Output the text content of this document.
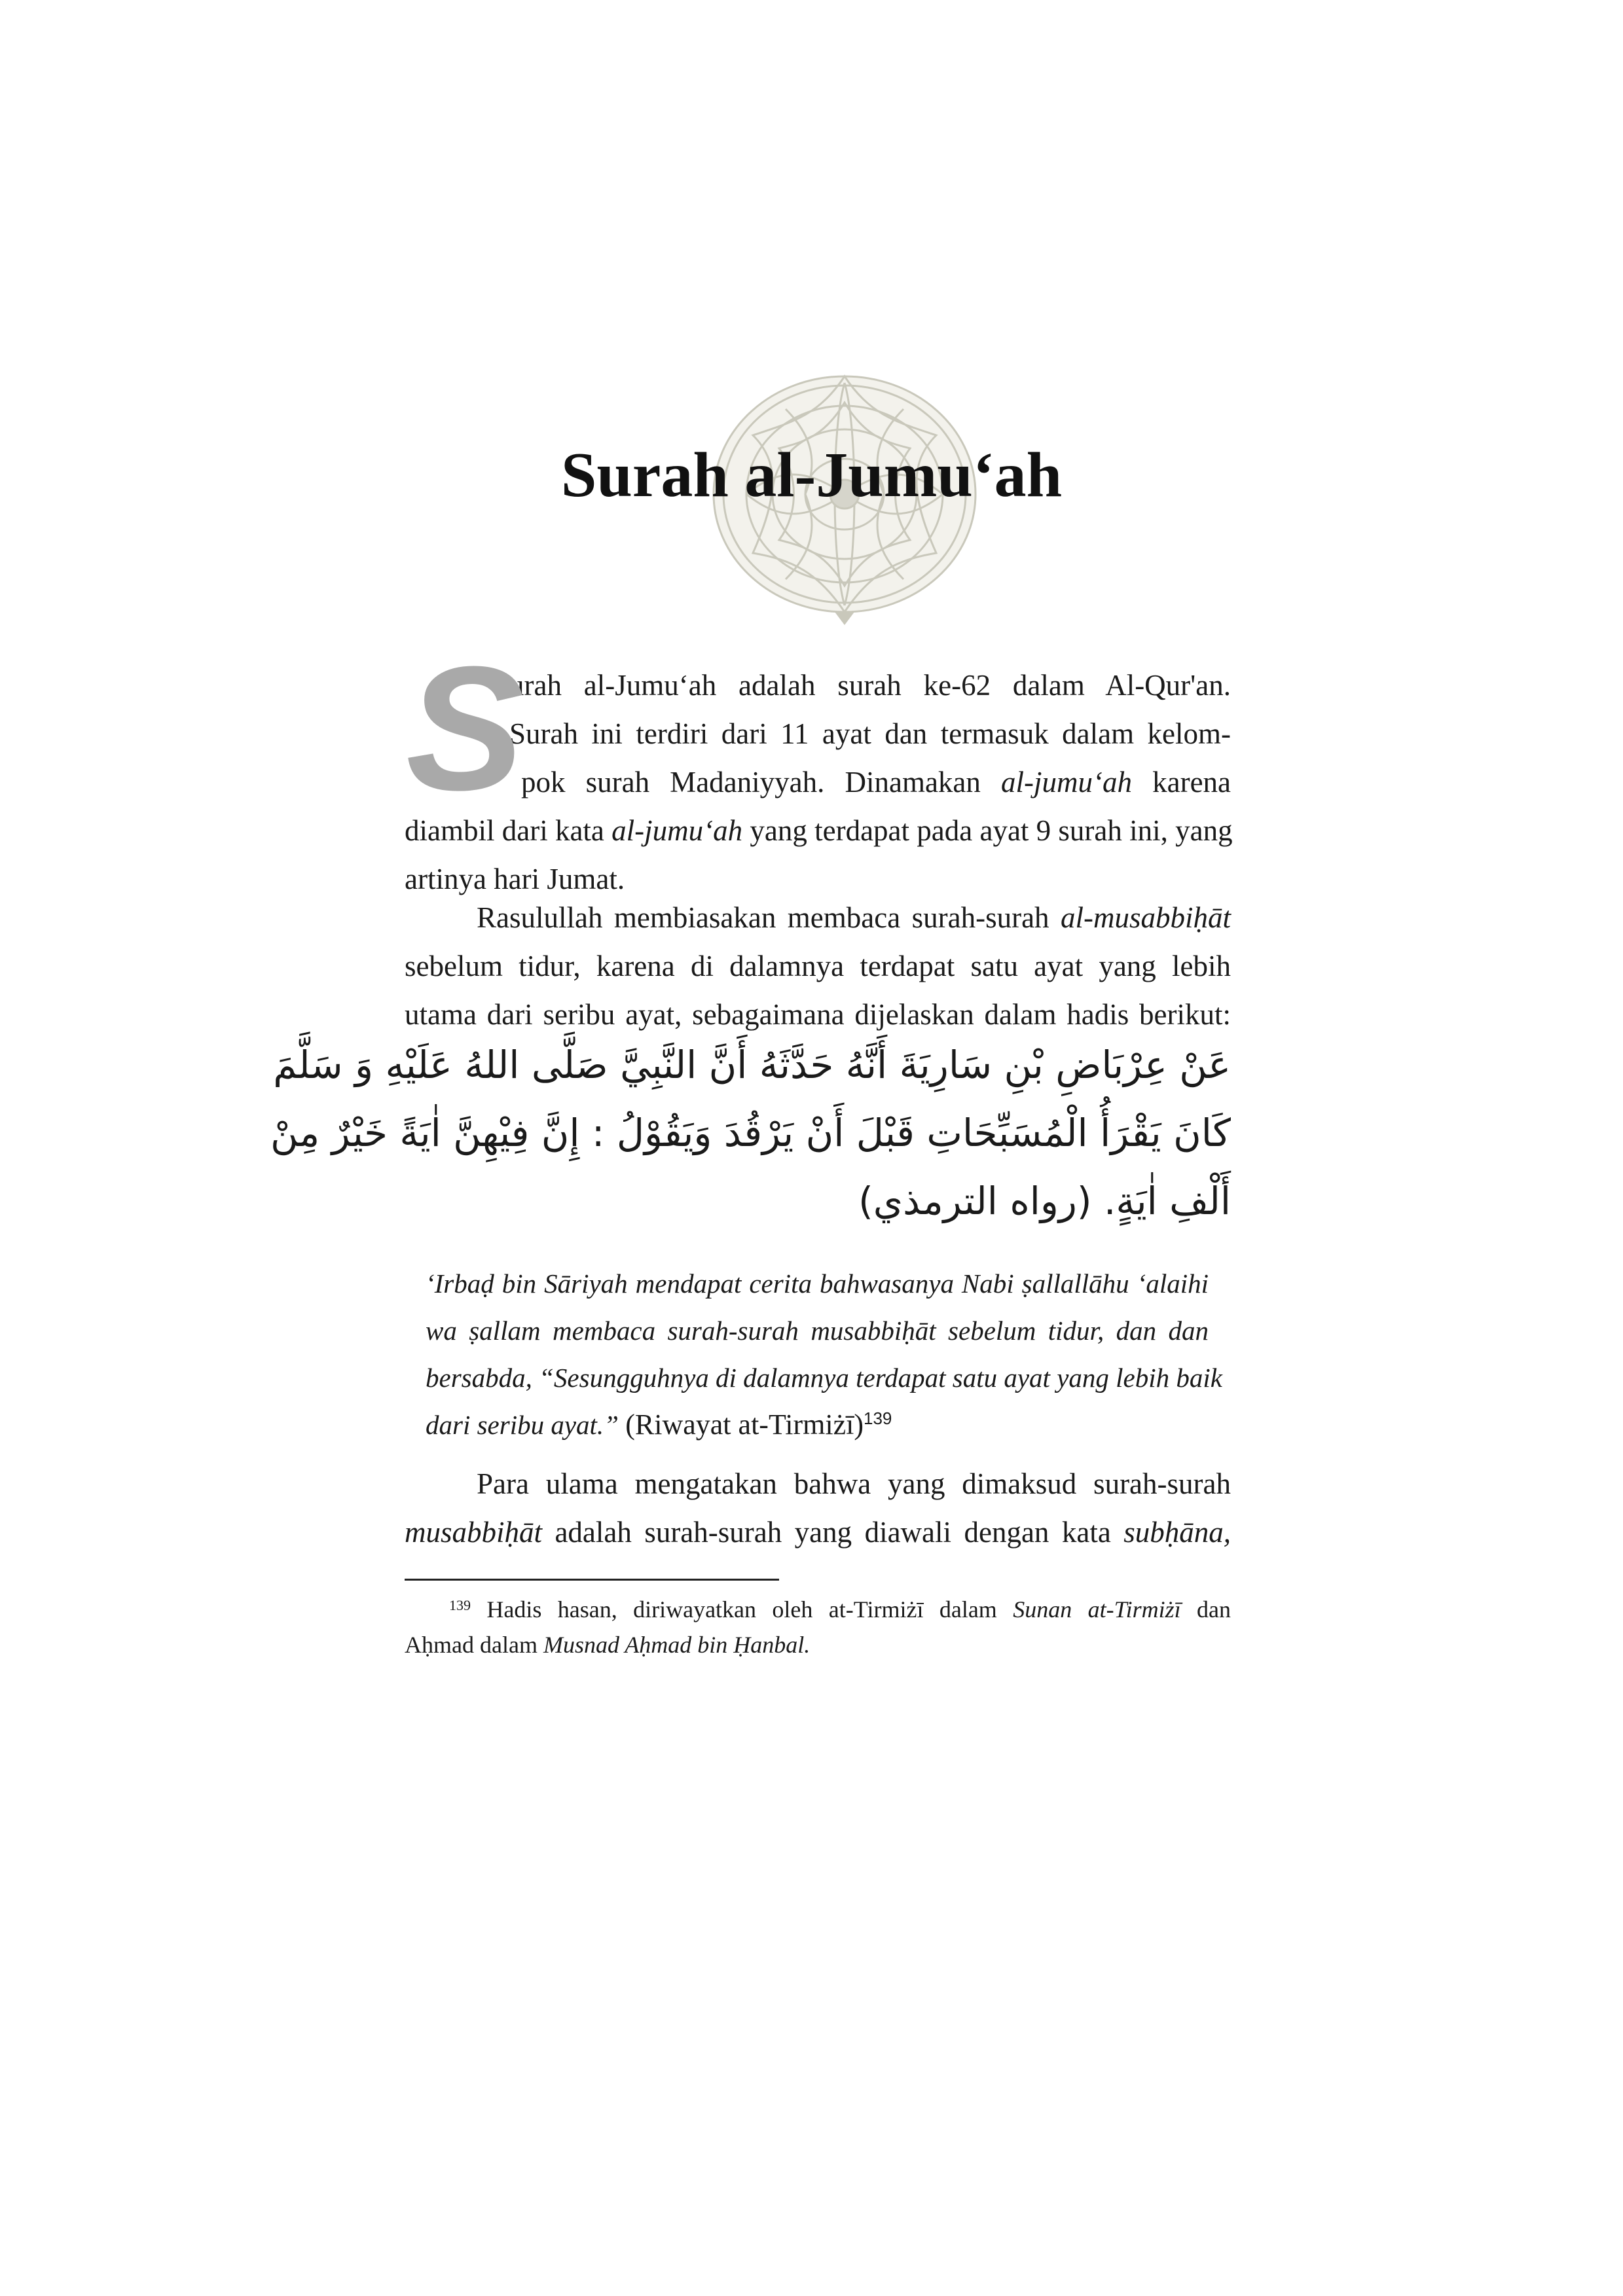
Surah al-Jumu‘ah
S
urah al-Jumu‘ah adalah surah ke-62 dalam Al-Qur'an.
Surah ini terdiri dari 11 ayat dan termasuk dalam kelom-
pok surah Madaniyyah. Dinamakan al-jumu‘ah karena
diambil dari kata al-jumu‘ah yang terdapat pada ayat 9 surah ini, yang
artinya hari Jumat.
Rasulullah membiasakan membaca surah-surah al-musabbiḥāt
sebelum tidur, karena di dalamnya terdapat satu ayat yang lebih
utama dari seribu ayat, sebagaimana dijelaskan dalam hadis berikut:
عَنْ عِرْبَاضِ بْنِ سَارِيَةَ أَنَّهُ حَدَّثَهُ أَنَّ النَّبِيَّ صَلَّى اللهُ عَلَيْهِ وَ سَلَّمَ
كَانَ يَقْرَأُ الْمُسَبِّحَاتِ قَبْلَ أَنْ يَرْقُدَ وَيَقُوْلُ : إِنَّ فِيْهِنَّ اٰيَةً خَيْرٌ مِنْ
أَلْفِ اٰيَةٍ. (رواه الترمذي)
‘Irbaḍ bin Sāriyah mendapat cerita bahwasanya Nabi ṣallallāhu ‘alaihi
wa ṣallam membaca surah-surah musabbiḥāt sebelum tidur, dan dan
bersabda, “Sesungguhnya di dalamnya terdapat satu ayat yang lebih baik
dari seribu ayat.” (Riwayat at-Tirmiżī)$^{139}$
Para ulama mengatakan bahwa yang dimaksud surah-surah
musabbiḥāt adalah surah-surah yang diawali dengan kata subḥāna,
$^{139}$ Hadis hasan, diriwayatkan oleh at-Tirmiżī dalam Sunan at-Tirmiżī dan
Aḥmad dalam Musnad Aḥmad bin Ḥanbal.
